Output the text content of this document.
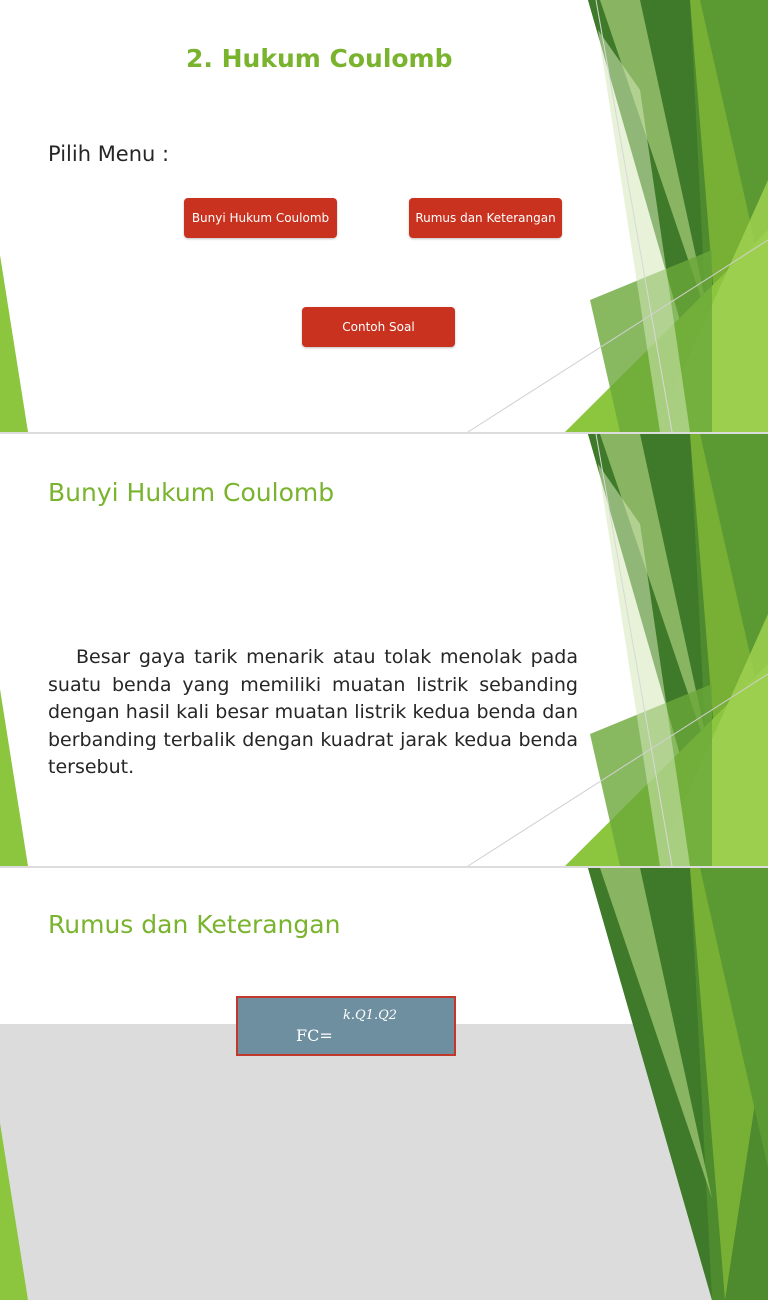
2. Hukum Coulomb
Pilih Menu :
Bunyi Hukum Coulomb	Rumus dan Keterangan
Contoh Soal
Bunyi Hukum Coulomb

Besar gaya tarik menarik atau tolak menolak pada suatu benda yang memiliki muatan listrik sebanding dengan hasil kali besar muatan listrik kedua benda dan berbanding terbalik dengan kuadrat jarak kedua benda tersebut.

Rumus dan Keterangan
k.Q1.Q2
FC=
